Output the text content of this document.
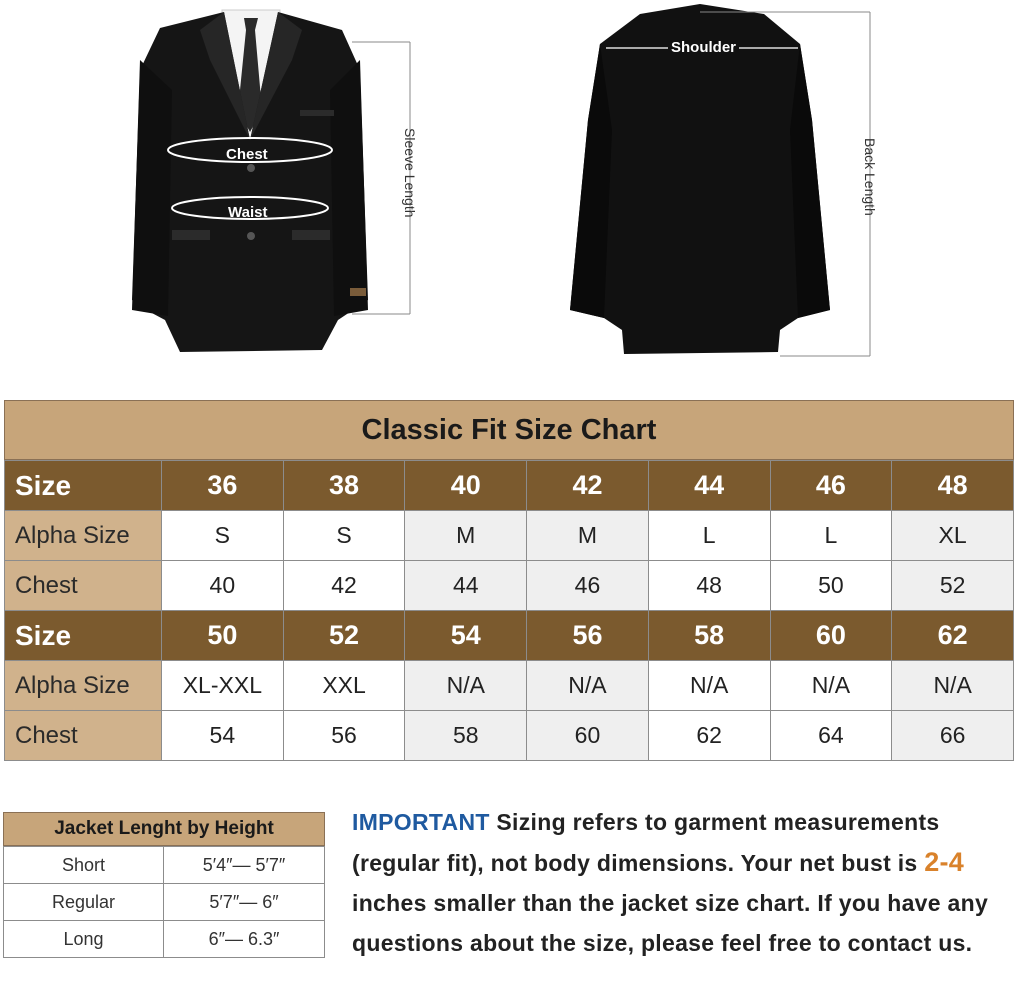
Chest
Waist	Sleeve Length
Shoulder
Back Length
Classic Fit Size Chart
Size	36	38	40	42	44	46	48
Alpha Size	S	S	M	M	L	L	XL
Chest	40	42	44	46	48	50	52
Size	50	52	54	56	58	60	62
Alpha Size	XL-XXL	XXL	N/A	N/A	N/A	N/A	N/A
Chest	54	56	58	60	62	64	66
Jacket Lenght by Height
Short	5′4″— 5′7″
Regular	5′7″— 6″
Long	6″— 6.3″
IMPORTANT Sizing refers to garment measurements (regular fit), not body dimensions. Your net bust is 2-4 inches smaller than the jacket size chart. If you have any questions about the size, please feel free to contact us.
